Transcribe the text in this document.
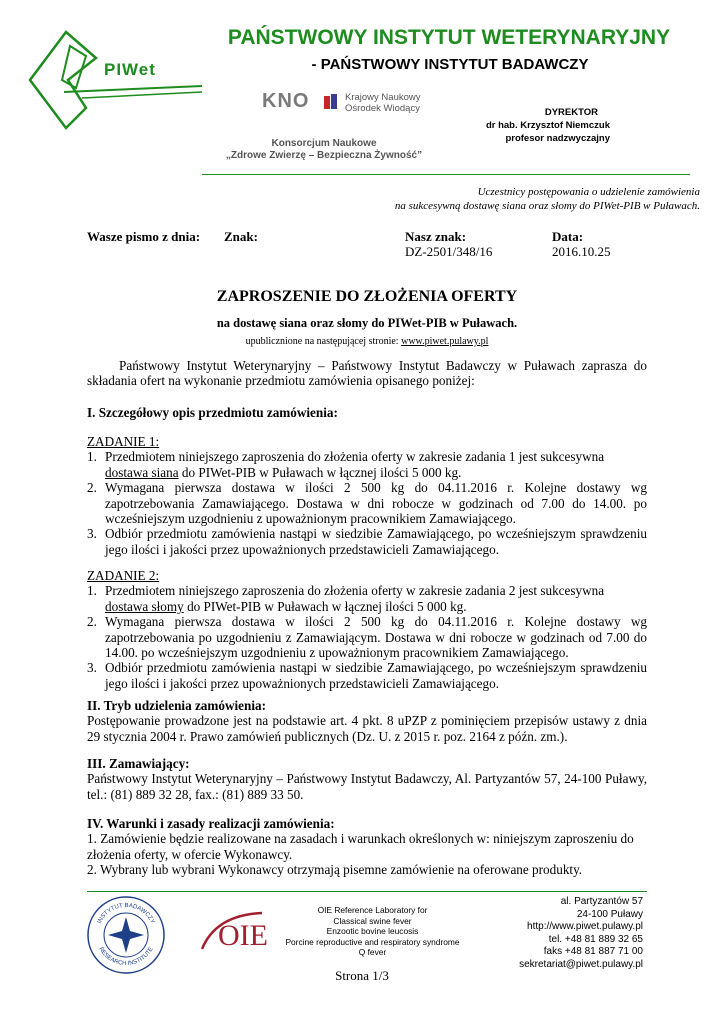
PIWet
PAŃSTWOWY INSTYTUT WETERYNARYJNY
- PAŃSTWOWY INSTYTUT BADAWCZY
KNO	Krajowy Naukowy
Ośrodek Wiodący
Konsorcjum Naukowe
„Zdrowe Zwierzę – Bezpieczna Żywność”
DYREKTOR
dr hab. Krzysztof Niemczuk
profesor nadzwyczajny
Uczestnicy postępowania o udzielenie zamówienia
na sukcesywną dostawę siana oraz słomy do PIWet-PIB w Puławach.
Wasze pismo z dnia: Znak:	Nasz znak:
DZ-2501/348/16
Data:
2016.10.25
ZAPROSZENIE DO ZŁOŻENIA OFERTY
na dostawę siana oraz słomy do PIWet-PIB w Puławach.
upublicznione na następującej stronie: www.piwet.pulawy.pl
Państwowy Instytut Weterynaryjny – Państwowy Instytut Badawczy w Puławach zaprasza do składania ofert na wykonanie przedmiotu zamówienia opisanego poniżej:
I. Szczegółowy opis przedmiotu zamówienia:
ZADANIE 1:
1. Przedmiotem niniejszego zaproszenia do złożenia oferty w zakresie zadania 1 jest sukcesywna
dostawa siana do PIWet-PIB w Puławach w łącznej ilości 5 000 kg.
2. Wymagana pierwsza dostawa w ilości 2 500 kg do 04.11.2016 r. Kolejne dostawy wg zapotrzebowania Zamawiającego. Dostawa w dni robocze w godzinach od 7.00 do 14.00. po wcześniejszym uzgodnieniu z upoważnionym pracownikiem Zamawiającego.
3. Odbiór przedmiotu zamówienia nastąpi w siedzibie Zamawiającego, po wcześniejszym sprawdzeniu jego ilości i jakości przez upoważnionych przedstawicieli Zamawiającego.
ZADANIE 2:
1. Przedmiotem niniejszego zaproszenia do złożenia oferty w zakresie zadania 2 jest sukcesywna
dostawa słomy do PIWet-PIB w Puławach w łącznej ilości 5 000 kg.
2. Wymagana pierwsza dostawa w ilości 2 500 kg do 04.11.2016 r. Kolejne dostawy wg zapotrzebowania po uzgodnieniu z Zamawiającym. Dostawa w dni robocze w godzinach od 7.00 do 14.00. po wcześniejszym uzgodnieniu z upoważnionym pracownikiem Zamawiającego.
3. Odbiór przedmiotu zamówienia nastąpi w siedzibie Zamawiającego, po wcześniejszym sprawdzeniu jego ilości i jakości przez upoważnionych przedstawicieli Zamawiającego.
II. Tryb udzielenia zamówienia:
Postępowanie prowadzone jest na podstawie art. 4 pkt. 8 uPZP z pominięciem przepisów ustawy z dnia 29 stycznia 2004 r. Prawo zamówień publicznych (Dz. U. z 2015 r. poz. 2164 z późn. zm.).
III. Zamawiający:
Państwowy Instytut Weterynaryjny – Państwowy Instytut Badawczy, Al. Partyzantów 57, 24-100 Puławy, tel.: (81) 889 32 28, fax.: (81) 889 33 50.
IV. Warunki i zasady realizacji zamówienia:
1. Zamówienie będzie realizowane na zasadach i warunkach określonych w: niniejszym zaproszeniu do złożenia oferty, w ofercie Wykonawcy.
2. Wybrany lub wybrani Wykonawcy otrzymają pisemne zamówienie na oferowane produkty.
INSTYTUT BADAWCZY
RESEARCH INSTITUTE OIE
OIE Reference Laboratory for
Classical swine fever
Enzootic bovine leucosis
Porcine reproductive and respiratory syndrome
Q fever
al. Partyzantów 57
24-100 Puławy
http://www.piwet.pulawy.pl
tel. +48 81 889 32 65
faks +48 81 887 71 00
sekretariat@piwet.pulawy.pl
Strona 1/3
